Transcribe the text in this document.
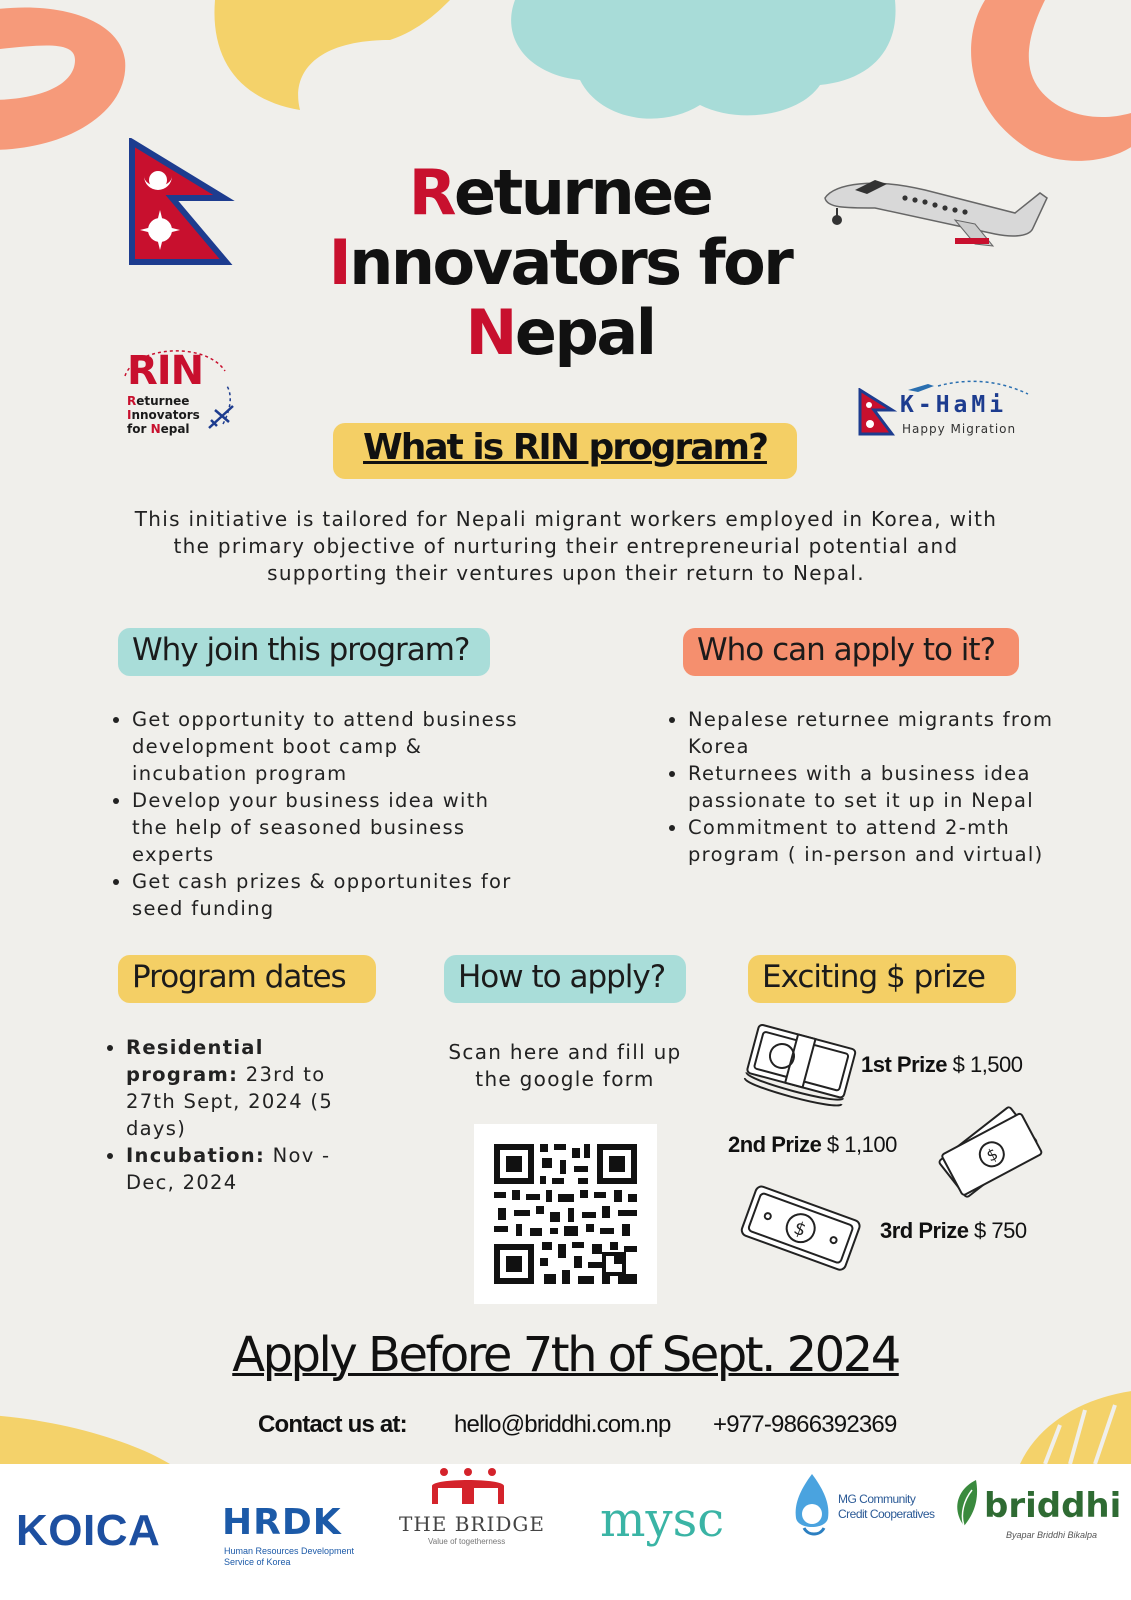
Returnee
Innovators for
Nepal
RIN
Returnee
Innovators
for Nepal
K-HaMi
Happy Migration
What is RIN program?
This initiative is tailored for Nepali migrant workers employed in Korea, with the primary objective of nurturing their entrepreneurial potential and supporting their ventures upon their return to Nepal.
Why join this program?
• Get opportunity to attend business development boot camp & incubation program
• Develop your business idea with the help of seasoned business experts
• Get cash prizes & opportunites for seed funding
Who can apply to it?
• Nepalese returnee migrants from Korea
• Returnees with a business idea passionate to set it up in Nepal
• Commitment to attend 2-mth program ( in-person and virtual)
Program dates
• Residential program: 23rd to 27th Sept, 2024 (5 days)
• Incubation: Nov - Dec, 2024
How to apply?
Scan here and fill up the google form
Exciting $ prize
$
$
1st Prize $ 1,500
2nd Prize $ 1,100
3rd Prize $ 750
Apply Before 7th of Sept. 2024
Contact us at: hello@briddhi.com.np +977-9866392369
KOICA HRDK
Human Resources Development
Service of Korea
THE BRIDGE
Value of togetherness mysc	MG Community
Credit Cooperatives briddhi
Byapar Briddhi Bikalpa
